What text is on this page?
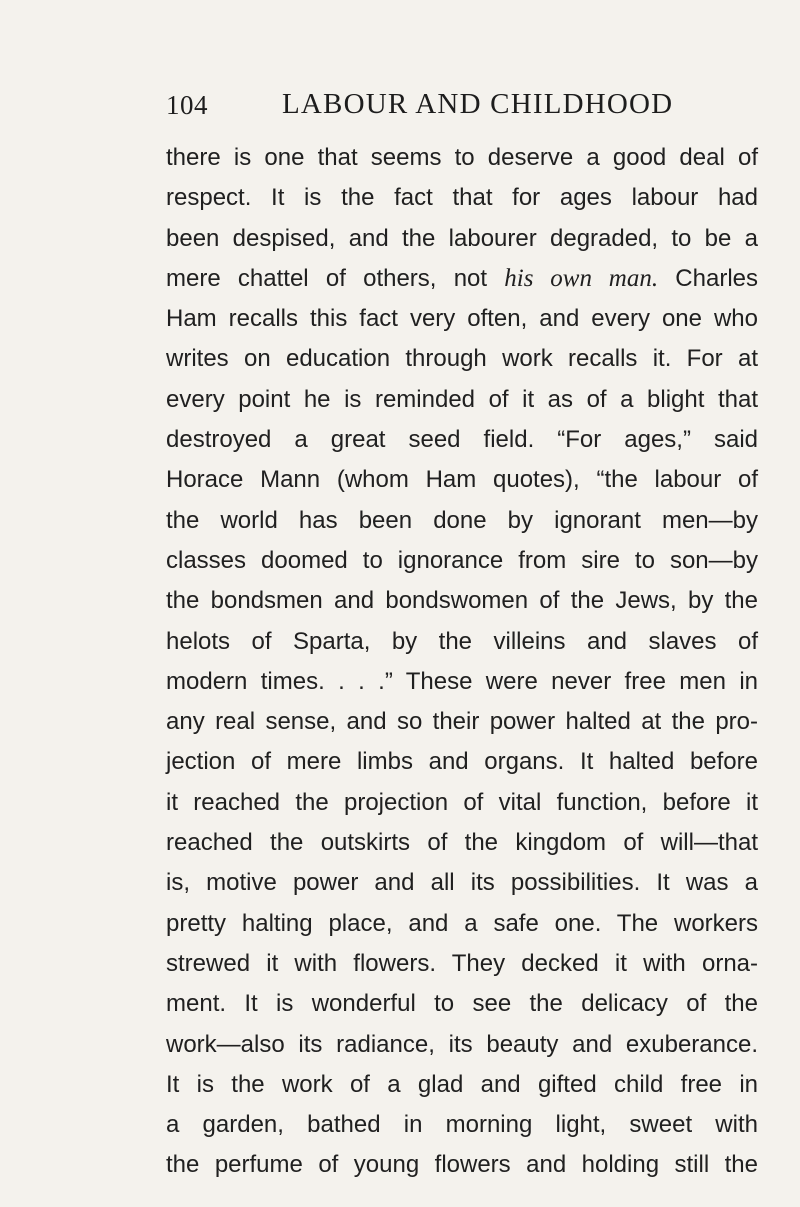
104	LABOUR AND CHILDHOOD
there is one that seems to deserve a good deal of
respect. It is the fact that for ages labour had
been despised, and the labourer degraded, to be a
mere chattel of others, not his own man. Charles
Ham recalls this fact very often, and every one who
writes on education through work recalls it. For at
every point he is reminded of it as of a blight that
destroyed a great seed field. “For ages,” said
Horace Mann (whom Ham quotes), “the labour of
the world has been done by ignorant men—by
classes doomed to ignorance from sire to son—by
the bondsmen and bondswomen of the Jews, by the
helots of Sparta, by the villeins and slaves of
modern times. . . .” These were never free men in
any real sense, and so their power halted at the pro-
jection of mere limbs and organs. It halted before
it reached the projection of vital function, before it
reached the outskirts of the kingdom of will—that
is, motive power and all its possibilities. It was a
pretty halting place, and a safe one. The workers
strewed it with flowers. They decked it with orna-
ment. It is wonderful to see the delicacy of the
work—also its radiance, its beauty and exuberance.
It is the work of a glad and gifted child free in
a garden, bathed in morning light, sweet with
the perfume of young flowers and holding still the
